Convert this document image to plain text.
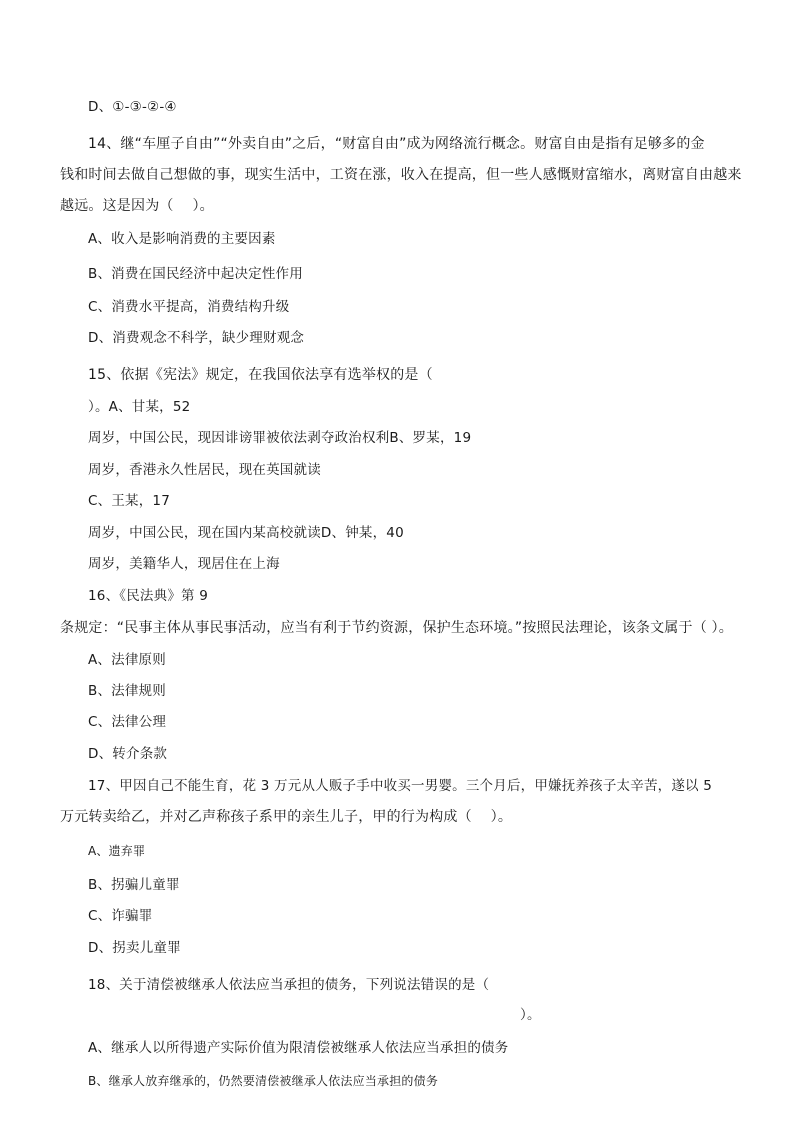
D、①-③-②-④
14、继“车厘子自由”“外卖自由”之后，“财富自由”成为网络流行概念。财富自由是指有足够多的金
钱和时间去做自己想做的事，现实生活中，工资在涨，收入在提高，但一些人感慨财富缩水，离财富自由越来
越远。这是因为（　 ）。
A、收入是影响消费的主要因素
B、消费在国民经济中起决定性作用
C、消费水平提高，消费结构升级
D、消费观念不科学，缺少理财观念
15、依据《宪法》规定，在我国依法享有选举权的是（
）。A、甘某，52
周岁，中国公民，现因诽谤罪被依法剥夺政治权利B、罗某，19
周岁，香港永久性居民，现在英国就读
C、王某，17
周岁，中国公民，现在国内某高校就读D、钟某，40
周岁，美籍华人，现居住在上海
16、《民法典》第 9
条规定：“民事主体从事民事活动，应当有利于节约资源，保护生态环境。”按照民法理论，该条文属于（ ）。
A、法律原则
B、法律规则
C、法律公理
D、转介条款
17、甲因自己不能生育，花 3 万元从人贩子手中收买一男婴。三个月后，甲嫌抚养孩子太辛苦，遂以 5
万元转卖给乙，并对乙声称孩子系甲的亲生儿子，甲的行为构成（　 ）。
A、遗弃罪
B、拐骗儿童罪
C、诈骗罪
D、拐卖儿童罪
18、关于清偿被继承人依法应当承担的债务，下列说法错误的是（
）。
A、继承人以所得遗产实际价值为限清偿被继承人依法应当承担的债务
B、继承人放弃继承的，仍然要清偿被继承人依法应当承担的债务
